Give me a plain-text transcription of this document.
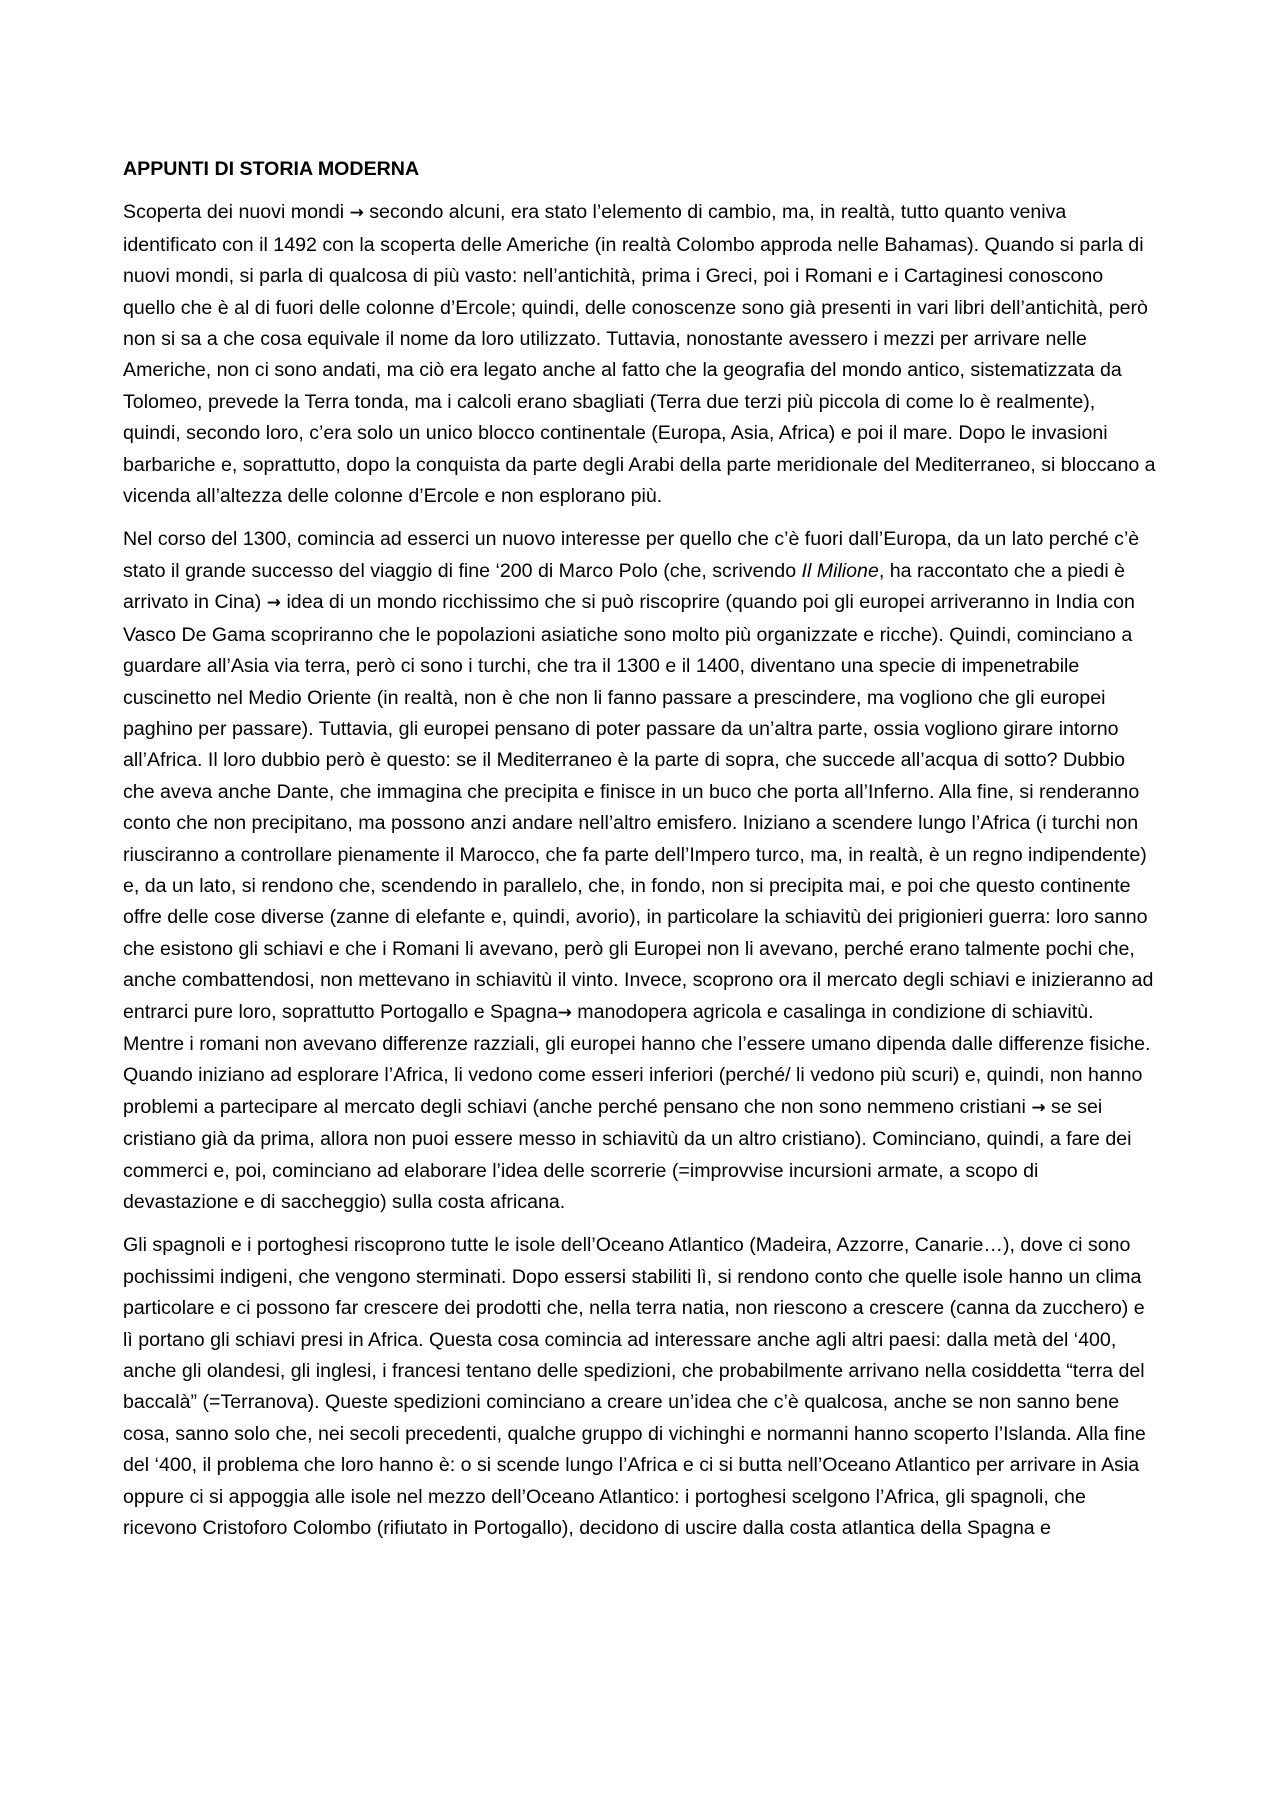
APPUNTI DI STORIA MODERNA

Scoperta dei nuovi mondi → secondo alcuni, era stato l’elemento di cambio, ma, in realtà, tutto quanto veniva identificato con il 1492 con la scoperta delle Americhe (in realtà Colombo approda nelle Bahamas). Quando si parla di nuovi mondi, si parla di qualcosa di più vasto: nell’antichità, prima i Greci, poi i Romani e i Cartaginesi conoscono quello che è al di fuori delle colonne d’Ercole; quindi, delle conoscenze sono già presenti in vari libri dell’antichità, però non si sa a che cosa equivale il nome da loro utilizzato. Tuttavia, nonostante avessero i mezzi per arrivare nelle Americhe, non ci sono andati, ma ciò era legato anche al fatto che la geografia del mondo antico, sistematizzata da Tolomeo, prevede la Terra tonda, ma i calcoli erano sbagliati (Terra due terzi più piccola di come lo è realmente), quindi, secondo loro, c’era solo un unico blocco continentale (Europa, Asia, Africa) e poi il mare. Dopo le invasioni barbariche e, soprattutto, dopo la conquista da parte degli Arabi della parte meridionale del Mediterraneo, si bloccano a vicenda all’altezza delle colonne d’Ercole e non esplorano più.

Nel corso del 1300, comincia ad esserci un nuovo interesse per quello che c’è fuori dall’Europa, da un lato perché c’è stato il grande successo del viaggio di fine ‘200 di Marco Polo (che, scrivendo Il Milione, ha raccontato che a piedi è arrivato in Cina) → idea di un mondo ricchissimo che si può riscoprire (quando poi gli europei arriveranno in India con Vasco De Gama scopriranno che le popolazioni asiatiche sono molto più organizzate e ricche). Quindi, cominciano a guardare all’Asia via terra, però ci sono i turchi, che tra il 1300 e il 1400, diventano una specie di impenetrabile cuscinetto nel Medio Oriente (in realtà, non è che non li fanno passare a prescindere, ma vogliono che gli europei paghino per passare). Tuttavia, gli europei pensano di poter passare da un’altra parte, ossia vogliono girare intorno all’Africa. Il loro dubbio però è questo: se il Mediterraneo è la parte di sopra, che succede all’acqua di sotto? Dubbio che aveva anche Dante, che immagina che precipita e finisce in un buco che porta all’Inferno. Alla fine, si renderanno conto che non precipitano, ma possono anzi andare nell’altro emisfero. Iniziano a scendere lungo l’Africa (i turchi non riusciranno a controllare pienamente il Marocco, che fa parte dell’Impero turco, ma, in realtà, è un regno indipendente) e, da un lato, si rendono che, scendendo in parallelo, che, in fondo, non si precipita mai, e poi che questo continente offre delle cose diverse (zanne di elefante e, quindi, avorio), in particolare la schiavitù dei prigionieri guerra: loro sanno che esistono gli schiavi e che i Romani li avevano, però gli Europei non li avevano, perché erano talmente pochi che, anche combattendosi, non mettevano in schiavitù il vinto. Invece, scoprono ora il mercato degli schiavi e inizieranno ad entrarci pure loro, soprattutto Portogallo e Spagna→ manodopera agricola e casalinga in condizione di schiavitù. Mentre i romani non avevano differenze razziali, gli europei hanno che l’essere umano dipenda dalle differenze fisiche. Quando iniziano ad esplorare l’Africa, li vedono come esseri inferiori (perché/ li vedono più scuri) e, quindi, non hanno problemi a partecipare al mercato degli schiavi (anche perché pensano che non sono nemmeno cristiani → se sei cristiano già da prima, allora non puoi essere messo in schiavitù da un altro cristiano). Cominciano, quindi, a fare dei commerci e, poi, cominciano ad elaborare l’idea delle scorrerie (=improvvise incursioni armate, a scopo di devastazione e di saccheggio) sulla costa africana.

Gli spagnoli e i portoghesi riscoprono tutte le isole dell’Oceano Atlantico (Madeira, Azzorre, Canarie…), dove ci sono pochissimi indigeni, che vengono sterminati. Dopo essersi stabiliti lì, si rendono conto che quelle isole hanno un clima particolare e ci possono far crescere dei prodotti che, nella terra natia, non riescono a crescere (canna da zucchero) e lì portano gli schiavi presi in Africa. Questa cosa comincia ad interessare anche agli altri paesi: dalla metà del ‘400, anche gli olandesi, gli inglesi, i francesi tentano delle spedizioni, che probabilmente arrivano nella cosiddetta “terra del baccalà” (=Terranova). Queste spedizioni cominciano a creare un’idea che c’è qualcosa, anche se non sanno bene cosa, sanno solo che, nei secoli precedenti, qualche gruppo di vichinghi e normanni hanno scoperto l’Islanda. Alla fine del ‘400, il problema che loro hanno è: o si scende lungo l’Africa e ci si butta nell’Oceano Atlantico per arrivare in Asia oppure ci si appoggia alle isole nel mezzo dell’Oceano Atlantico: i portoghesi scelgono l’Africa, gli spagnoli, che ricevono Cristoforo Colombo (rifiutato in Portogallo), decidono di uscire dalla costa atlantica della Spagna e
